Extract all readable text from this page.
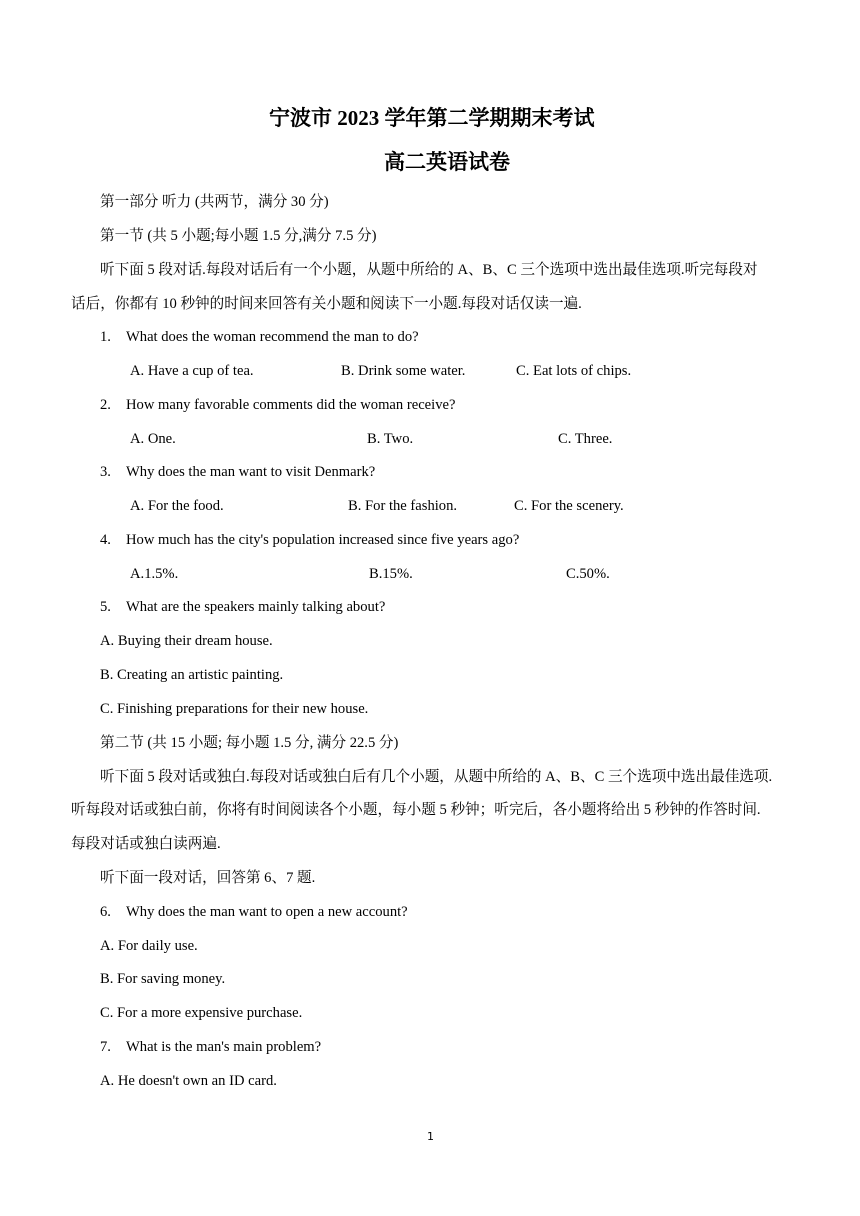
宁波市 2023 学年第二学期期末考试
高二英语试卷
第一部分 听力 (共两节，满分 30 分)
第一节 (共 5 小题;每小题 1.5 分,满分 7.5 分)
听下面 5 段对话.每段对话后有一个小题，从题中所给的 A、B、C 三个选项中选出最佳选项.听完每段对
话后，你都有 10 秒钟的时间来回答有关小题和阅读下一小题.每段对话仅读一遍.
1. What does the woman recommend the man to do?
A. Have a cup of tea.	B. Drink some water.	C. Eat lots of chips.
2. How many favorable comments did the woman receive?
A. One.	B. Two.	C. Three.
3. Why does the man want to visit Denmark?
A. For the food.	B. For the fashion.	C. For the scenery.
4. How much has the city's population increased since five years ago?
A.1.5%.	B.15%.	C.50%.
5. What are the speakers mainly talking about?
A. Buying their dream house.
B. Creating an artistic painting.
C. Finishing preparations for their new house.
第二节 (共 15 小题; 每小题 1.5 分, 满分 22.5 分)
听下面 5 段对话或独白.每段对话或独白后有几个小题，从题中所给的 A、B、C 三个选项中选出最佳选项.
听每段对话或独白前，你将有时间阅读各个小题，每小题 5 秒钟；听完后，各小题将给出 5 秒钟的作答时间.
每段对话或独白读两遍.
听下面一段对话，回答第 6、7 题.
6. Why does the man want to open a new account?
A. For daily use.
B. For saving money.
C. For a more expensive purchase.
7. What is the man's main problem?
A. He doesn't own an ID card.
1
